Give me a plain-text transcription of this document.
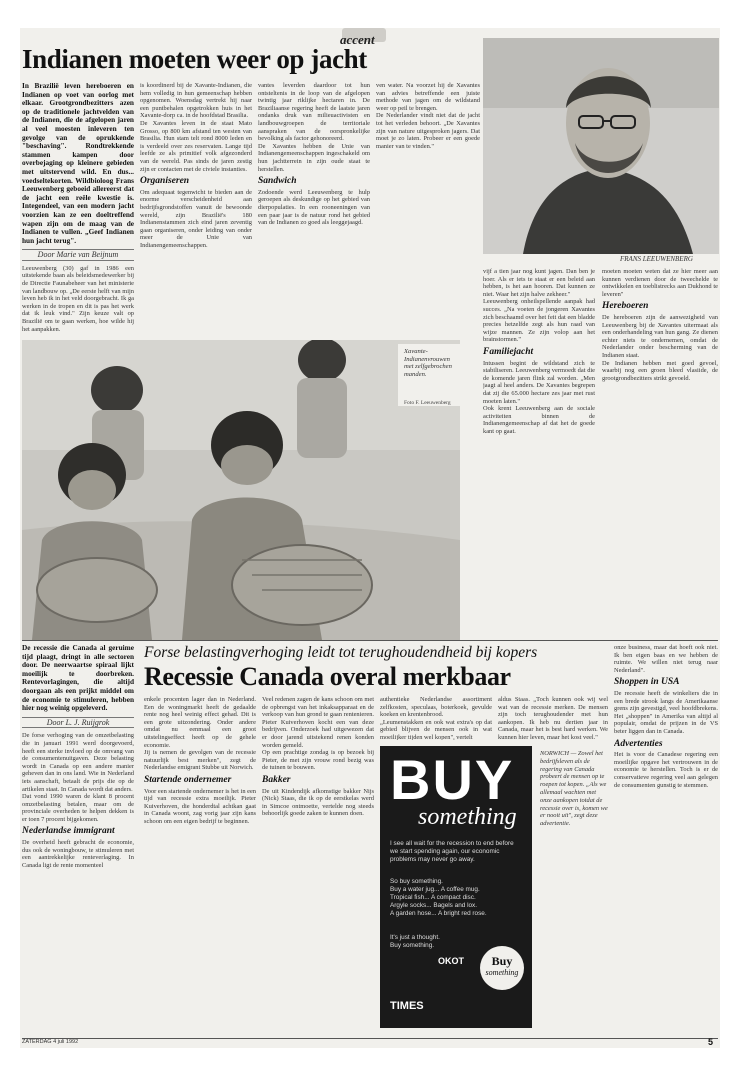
accent
Indianen moeten weer op jacht
FRANS LEEUWENBERG
In Brazilië leven hereboeren en Indianen op voet van oorlog met elkaar. Grootgrondbezitters azen op de traditionele jachtvelden van de Indianen, die de afgelopen jaren al veel moesten inleveren ten gevolge van de oprukkende "beschaving". Rondtrekkende stammen kampen door overbejaging op kleinere gebieden met uitstervend wild. En dus... voedseltekorten. Wildbioloog Frans Leeuwenberg geboeid allereerst dat de jacht een reële kwestie is. Integendeel, van een modern jacht voorzien kan ze een doeltreffend wapen zijn om de maag van de Indianen te vullen. „Geef Indianen hun jacht terug".
Door Marie van Beijnum
Leeuwenberg (30) gaf in 1986 een uitstekende baan als beleidsmedewerker bij de Directie Faunabeheer van het ministerie van landbouw op. „De eerste helft van mijn leven heb ik in het veld doorgebracht. Ik ga werken in de tropen en dit is pas het werk dat ik leuk vind." Zijn keuze valt op Brazilië om te gaan werken, hoe wilde hij het aanpakken.
is koordinerd bij de Xavante-Indianen, die hem volledig in hun gemeenschap hebben opgenomen. Woensdag vertrekt hij naar een puntbehalen opgetrokken huis in het Xavante-dorp ca. in de hoofdstad Brasilia.
De Xavantes leven in de staat Mato Grosso, op 800 km afstand ten westen van Brasilia. Hun stam telt rond 8000 leden en is verdeeld over zes reservaten. Lange tijd leefde ze als primitief volk afgezonderd van de wereld. Pas sinds de jaren zestig zijn er contacten met de civiele instanties.
Organiseren
Om adequaat tegenwicht te bieden aan de enorme verscheidenheid aan bedrijfsgrondstoffen vanuit de bewoonde wereld, zijn Brazilië's 180 Indianenstammen zich eind jaren zeventig gaan organiseren, onder leiding van onder meer de Unie van Indianengemeenschappen.
vantes leverden daardoor tot hun ontsteltenis in de loop van de afgelopen twintig jaar riklijke hectaren in. De Braziliaanse regering heeft de laatste jaren ondanks druk van milieuactivisten en landbouwgroepen de territoriale aanspraken van de oorspronkelijke bevolking als factor gehonoreerd.
De Xavantes hebben de Unie van Indianengemeenschappen ingeschakeld om hun jachtterrein in zijn oude staat te herstellen.
Sandwich
Zodoende werd Leeuwenberg te hulp geroepen als deskundige op het gebied van dierpopulaties. In een rooneeningen van een paar jaar is de natuur rond het gebied van de Indianen zo goed als leeggejaagd.
ven water. Na voorzet hij de Xavantes van advies betreffende een juiste methode van jagen om de wildstand weer op peil te brengen.
De Nederlander vindt niet dat de jacht tot het verleden behoort. „De Xavantes zijn van nature uitgesproken jagers. Dat moet je zo laten. Probeer er een goede manier van te vinden."
Xavante-Indianenvrouwen met zelfgebrochen manden.
Foto F. Leeuwenberg
vijf a tien jaar nog kunt jagen. Dan ben je hoer. Als er iets te staat er een beleid aan hebben, is het aan hooren. Dat kunnen ze niet. Waar het zijn halve zekheer."
Leeuwenberg onheilspellende aanpak had succes. „Na voeten de jongeren Xavantes zich beschaamd over het feit dat een bladde precies hetzelfde zegt als hun raad van wijze mannen. Ze zijn volop aan het brainstormen."
Familiejacht
Intussen begint de wildstand zich te stabiliseren. Leeuwenberg vermoedt dat die de komende jaren flink zal worden. „Men jaagt al heel anders. De Xavantes begrepen dat zij die 65.000 hectare zes jaar met rust moeten laten."
Ook krent Leeuwenberg aan de sociale activiteiten binnen de Indianengemeenschap af dat het de goede kant op gaat.
moeten moeten weten dat ze hier meer aan kunnen verdienen door de tweechelde te ontwikkelen en toeblistrecks aan Dukhond te leveren"
Hereboeren
De hereboeren zijn de aanwezigheid van Leeuwenberg bij de Xavantes uitermaat als een onderhandeling van hun gang. Ze dienen echter niets te ondernemen, omdat de Nederlander onder bescherming van de Indianen staat.
De Indianen hebben met goed gevoel, waarbij nog een groen bleed vlasiide, de grootgrondbezitters strikt gevoeld.
Forse belastingverhoging leidt tot terughoudendheid bij kopers
Recessie Canada overal merkbaar
De recessie die Canada al geruime tijd plaagt, dringt in alle sectoren door. De neerwaartse spiraal lijkt moeilijk te doorbreken. Rentevorlagingen, die altijd doorgaan als een prijkt middel om de economie te stimuleren, hebben hier nog weinig opgeleverd.
Door L. J. Ruijgrok
De forse verhoging van de omzetbelasting die in januari 1991 werd doorgevoerd, heeft een sterke invloed op de omvang van de consumentenuitgaven. Deze belasting wordt in Canada op een andere manier geheven dan in ons land. Wie in Nederland iets aanschaft, betaalt de prijs die op de artikelen staat. In Canada wordt dat anders.
Dat vond 1990 waren de klant 8 procent omzetbelasting betalen, maar om de provinciale overheden te helpen dekken is er toen 7 procent bijgekomen.
Nederlandse immigrant
De overheid heeft gebracht de economie, dus ook de woningbouw, te stimuleren met een aantrekkelijke renteverlaging. In Canada ligt de rente momenteel
enkele procenten lager dan in Nederland. Een de woningmarkt heeft de gedaalde rente nog heel weinig effect gehad. Dit is een grote uitzondering. Onder andere omdat nu eenmaal een groot uitstelingseffect heeft op de gehele economie.
Jij is nemen de gevolgen van de recessie natuurlijk best merken", zegt de Nederlandse emigrant Stubbe uit Norwich.
Startende ondernemer
Voor een startende ondernemer is het in een tijd van recessie extra moeilijk. Pieter Kuiverhoven, die honderdtal achtkan gaat in Canada woont, zag vorig jaar zijn kans schoon om een eigen bedrijf te beginnen.
Veel redenen zagen de kans schoon om met de opbrengst van het inkaksapparaat en de verkoop van hun grond te gaan rentenieren. Pieter Kuiverhoven kocht een van deze bedrijven. Onderzoek had uitgewezen dat er door jarend uitstekend renen konden worden gemeld.
Op een prachtige zondag is op bezoek bij Pieter, de met zijn vrouw rond bezig was de tuinen te bouwen.
Bakker
De uit Kindendijk afkomstige bakker Nijs (Nick) Staas, die ik op de eerstkelas werd in Simcoe ontmoette, vertelde nog steeds behoorlijk goede zaken te kunnen doen.
authentieke Nederlandse assortiment zelfkosten, speculaas, boterkoek, gevulde koeken en krentenbrood.
„Leumenstakken en ook wat extra's op dat gebied blijven de mensen ook in wat moeilijker tijden wel kopen", vertelt
aldus Staas. „Toch kunnen ook wij wel wat van de recessie merken. De mensen zijn toch terughoudender met hun aankopen. Ik heb nu dertien jaar in Canada, maar het is best hard werken. We kunnen hier leven, maar het kost veel."
onze business, maar dat hoeft ook niet. Ik ben eigen baas en we hebben de ruimte. We willen niet terug naar Nederland".
Shoppen in USA
De recessie heeft de winkeliers die in een brede strook langs de Amerikaanse grens zijn gevestigd, veel hoofdbrekens. Het „shoppen" in Amerika van altijd al populair, omdat de prijzen in de VS beter liggen dan in Canada.
Advertenties
Het is voor de Canadese regering een moeilijke opgave het vertrouwen in de economie te herstellen. Toch is er de conservatieve regering veel aan gelegen de consumenten gunstig te stemmen.
BUY
something
I see all wait for the recession to end before we start spending again, our economic problems may never go away.
So buy something.
Buy a water jug... A coffee mug.
Tropical fish... A compact disc.
Argyle socks... Bagels and lox.
A garden hose... A bright red rose.
It's just a thought.
Buy something.
OKOT	Buy
something
TIMES
NORWICH — Zowel het bedrijfsleven als de regering van Canada probeert de mensen op te roepen tot kopen. „Als we allemaal wachten met onze aankopen totdat de recessie over is, komen we er nooit uit", zegt deze advertentie.
ZATERDAG 4 juli 1992	5
